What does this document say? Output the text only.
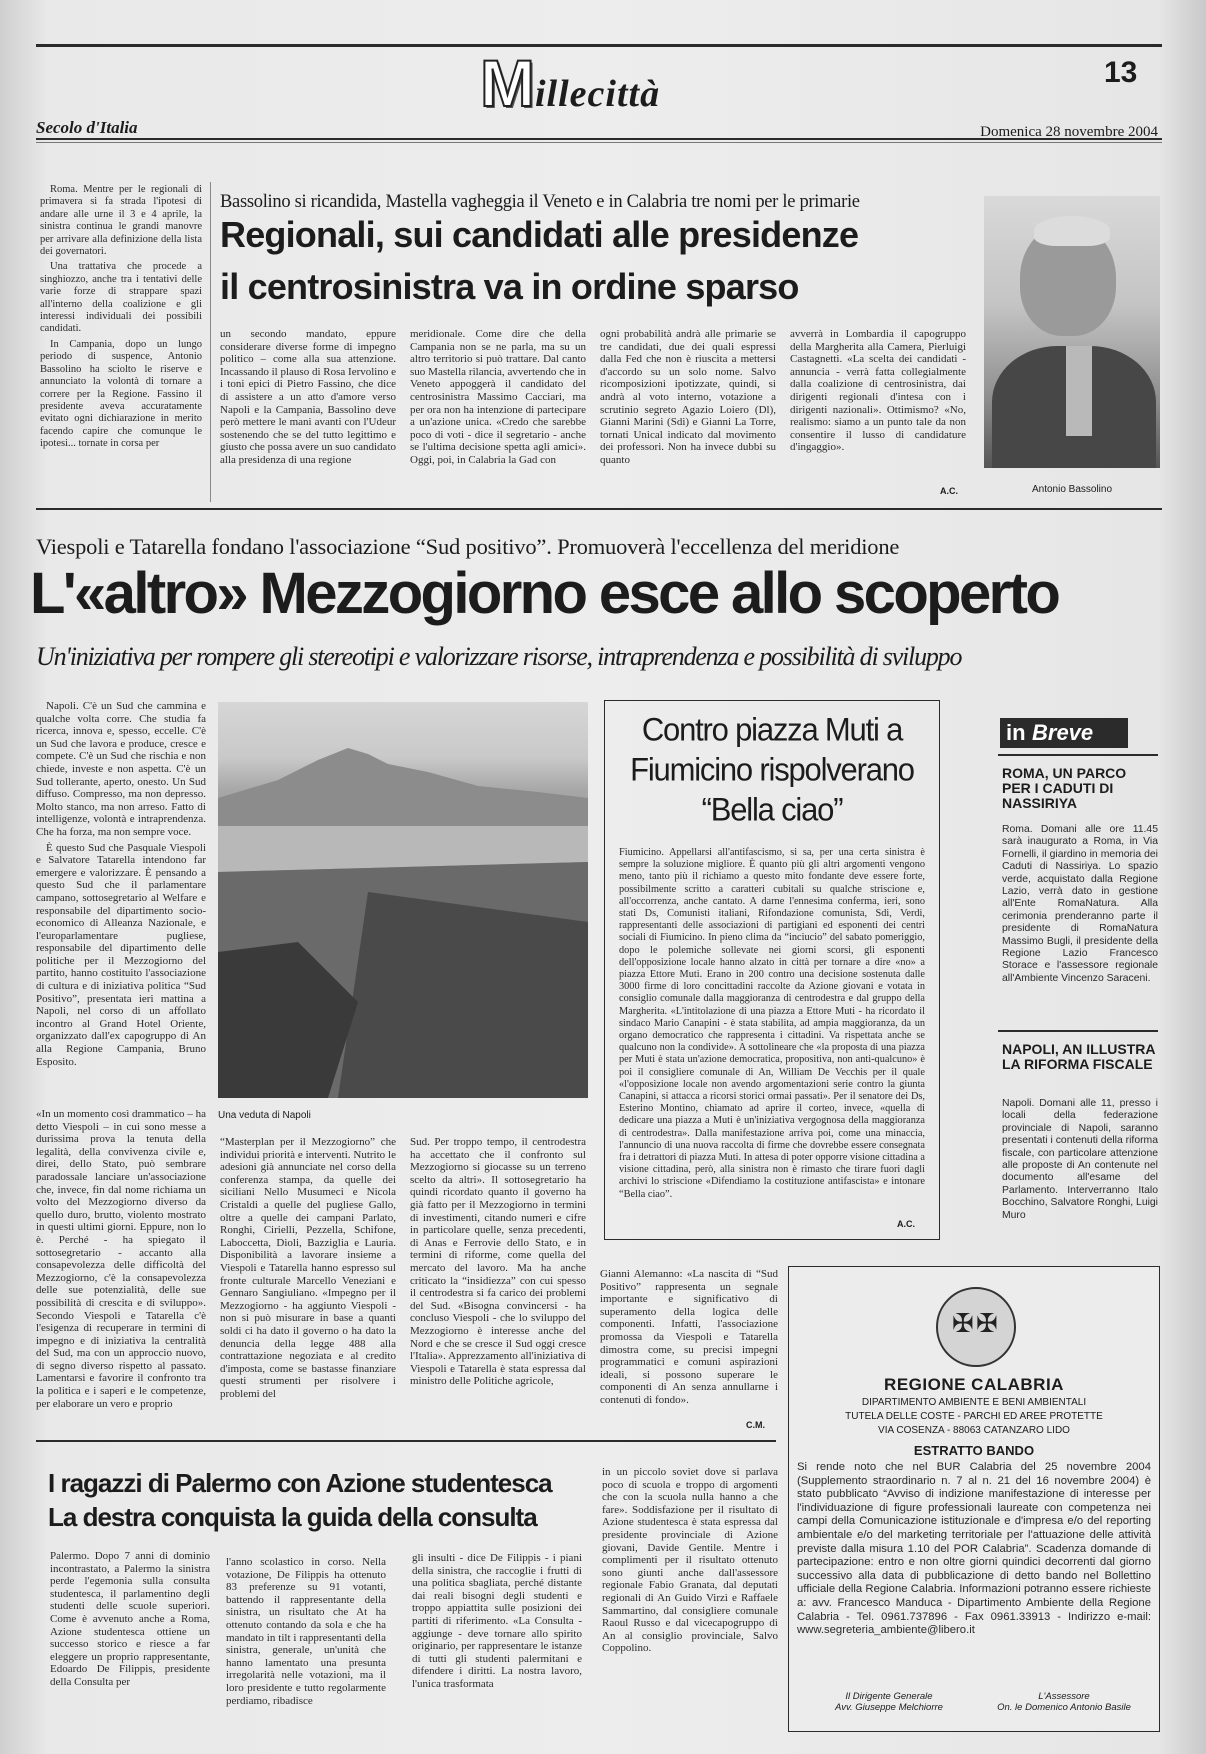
Millecittà
13
Secolo d'Italia	Domenica 28 novembre 2004

Roma. Mentre per le regionali di primavera si fa strada l'ipotesi di andare alle urne il 3 e 4 aprile, la sinistra continua le grandi manovre per arrivare alla definizione della lista dei governatori.

Una trattativa che procede a singhiozzo, anche tra i tentativi delle varie forze di strappare spazi all'interno della coalizione e gli interessi individuali dei possibili candidati.

In Campania, dopo un lungo periodo di suspence, Antonio Bassolino ha sciolto le riserve e annunciato la volontà di tornare a correre per la Regione. Fassino il presidente aveva accuratamente evitato ogni dichiarazione in merito facendo capire che comunque le ipotesi... tornate in corsa per

Bassolino si ricandida, Mastella vagheggia il Veneto e in Calabria tre nomi per le primarie
Regionali, sui candidati alle presidenze
il centrosinistra va in ordine sparso
un secondo mandato, eppure considerare diverse forme di impegno politico – come alla sua attenzione. Incassando il plauso di Rosa Iervolino e i toni epici di Pietro Fassino, che dice di assistere a un atto d'amore verso Napoli e la Campania, Bassolino deve però mettere le mani avanti con l'Udeur sostenendo che se del tutto legittimo e giusto che possa avere un suo candidato alla presidenza di una regione
meridionale. Come dire che della Campania non se ne parla, ma su un altro territorio si può trattare. Dal canto suo Mastella rilancia, avvertendo che in Veneto appoggerà il candidato del centrosinistra Massimo Cacciari, ma per ora non ha intenzione di partecipare a un'azione unica. «Credo che sarebbe poco di voti - dice il segretario - anche se l'ultima decisione spetta agli amici». Oggi, poi, in Calabria la Gad con
ogni probabilità andrà alle primarie se tre candidati, due dei quali espressi dalla Fed che non è riuscita a mettersi d'accordo su un solo nome. Salvo ricomposizioni ipotizzate, quindi, si andrà al voto interno, votazione a scrutinio segreto Agazio Loiero (Dl), Gianni Marini (Sdi) e Gianni La Torre, tornati Unical indicato dal movimento dei professori. Non ha invece dubbi su quanto
avverrà in Lombardia il capogruppo della Margherita alla Camera, Pierluigi Castagnetti. «La scelta dei candidati - annuncia - verrà fatta collegialmente dalla coalizione di centrosinistra, dai dirigenti regionali d'intesa con i dirigenti nazionali». Ottimismo? «No, realismo: siamo a un punto tale da non consentire il lusso di candidature d'ingaggio».
A.C.	Antonio Bassolino
Viespoli e Tatarella fondano l'associazione “Sud positivo”. Promuoverà l'eccellenza del meridione
L'«altro» Mezzogiorno esce allo scoperto
Un'iniziativa per rompere gli stereotipi e valorizzare risorse, intraprendenza e possibilità di sviluppo

Napoli. C'è un Sud che cammina e qualche volta corre. Che studia fa ricerca, innova e, spesso, eccelle. C'è un Sud che lavora e produce, cresce e compete. C'è un Sud che rischia e non chiede, investe e non aspetta. C'è un Sud tollerante, aperto, onesto. Un Sud diffuso. Compresso, ma non depresso. Molto stanco, ma non arreso. Fatto di intelligenze, volontà e intraprendenza. Che ha forza, ma non sempre voce.

È questo Sud che Pasquale Viespoli e Salvatore Tatarella intendono far emergere e valorizzare. È pensando a questo Sud che il parlamentare campano, sottosegretario al Welfare e responsabile del dipartimento socio-economico di Alleanza Nazionale, e l'europarlamentare pugliese, responsabile del dipartimento delle politiche per il Mezzogiorno del partito, hanno costituito l'associazione di cultura e di iniziativa politica “Sud Positivo”, presentata ieri mattina a Napoli, nel corso di un affollato incontro al Grand Hotel Oriente, organizzato dall'ex capogruppo di An alla Regione Campania, Bruno Esposito.

Una veduta di Napoli
«In un momento così drammatico – ha detto Viespoli – in cui sono messe a durissima prova la tenuta della legalità, della convivenza civile e, direi, dello Stato, può sembrare paradossale lanciare un'associazione che, invece, fin dal nome richiama un volto del Mezzogiorno diverso da quello duro, brutto, violento mostrato in questi ultimi giorni. Eppure, non lo è. Perché - ha spiegato il sottosegretario - accanto alla consapevolezza delle difficoltà del Mezzogiorno, c'è la consapevolezza delle sue potenzialità, delle sue possibilità di crescita e di sviluppo». Secondo Viespoli e Tatarella c'è l'esigenza di recuperare in termini di impegno e di iniziativa la centralità del Sud, ma con un approccio nuovo, di segno diverso rispetto al passato. Lamentarsi e favorire il confronto tra la politica e i saperi e le competenze, per elaborare un vero e proprio
“Masterplan per il Mezzogiorno” che individui priorità e interventi. Nutrito le adesioni già annunciate nel corso della conferenza stampa, da quelle dei siciliani Nello Musumeci e Nicola Cristaldi a quelle del pugliese Gallo, oltre a quelle dei campani Parlato, Ronghi, Cirielli, Pezzella, Schifone, Laboccetta, Dioli, Bazziglia e Lauria. Disponibilità a lavorare insieme a Viespoli e Tatarella hanno espresso sul fronte culturale Marcello Veneziani e Gennaro Sangiuliano. «Impegno per il Mezzogiorno - ha aggiunto Viespoli - non si può misurare in base a quanti soldi ci ha dato il governo o ha dato la denuncia della legge 488 alla contrattazione negoziata e al credito d'imposta, come se bastasse finanziare questi strumenti per risolvere i problemi del
Sud. Per troppo tempo, il centrodestra ha accettato che il confronto sul Mezzogiorno si giocasse su un terreno scelto da altri». Il sottosegretario ha quindi ricordato quanto il governo ha già fatto per il Mezzogiorno in termini di investimenti, citando numeri e cifre in particolare quelle, senza precedenti, di Anas e Ferrovie dello Stato, e in termini di riforme, come quella del mercato del lavoro. Ma ha anche criticato la “insidiezza” con cui spesso il centrodestra si fa carico dei problemi del Sud. «Bisogna convincersi - ha concluso Viespoli - che lo sviluppo del Mezzogiorno è interesse anche del Nord e che se cresce il Sud oggi cresce l'Italia». Apprezzamento all'iniziativa di Viespoli e Tatarella è stata espressa dal ministro delle Politiche agricole,
Gianni Alemanno: «La nascita di “Sud Positivo” rappresenta un segnale importante e significativo di superamento della logica delle componenti. Infatti, l'associazione promossa da Viespoli e Tatarella dimostra come, su precisi impegni programmatici e comuni aspirazioni ideali, si possono superare le componenti di An senza annullarne i contenuti di fondo».
C.M.
Contro piazza Muti a Fiumicino rispolverano “Bella ciao”
Fiumicino. Appellarsi all'antifascismo, si sa, per una certa sinistra è sempre la soluzione migliore. È quanto più gli altri argomenti vengono meno, tanto più il richiamo a questo mito fondante deve essere forte, possibilmente scritto a caratteri cubitali su qualche striscione e, all'occorrenza, anche cantato. A darne l'ennesima conferma, ieri, sono stati Ds, Comunisti italiani, Rifondazione comunista, Sdi, Verdi, rappresentanti delle associazioni di partigiani ed esponenti dei centri sociali di Fiumicino. In pieno clima da “inciucio” del sabato pomeriggio, dopo le polemiche sollevate nei giorni scorsi, gli esponenti dell'opposizione locale hanno alzato in città per tornare a dire «no» a piazza Ettore Muti. Erano in 200 contro una decisione sostenuta dalle 3000 firme di loro concittadini raccolte da Azione giovani e votata in consiglio comunale dalla maggioranza di centrodestra e dal gruppo della Margherita. «L'intitolazione di una piazza a Ettore Muti - ha ricordato il sindaco Mario Canapini - è stata stabilita, ad ampia maggioranza, da un organo democratico che rappresenta i cittadini. Va rispettata anche se qualcuno non la condivide». A sottolineare che «la proposta di una piazza per Muti è stata un'azione democratica, propositiva, non anti-qualcuno» è poi il consigliere comunale di An, William De Vecchis per il quale «l'opposizione locale non avendo argomentazioni serie contro la giunta Canapini, si attacca a ricorsi storici ormai passati». Per il senatore dei Ds, Esterino Montino, chiamato ad aprire il corteo, invece, «quella di dedicare una piazza a Muti è un'iniziativa vergognosa della maggioranza di centrodestra». Dalla manifestazione arriva poi, come una minaccia, l'annuncio di una nuova raccolta di firme che dovrebbe essere consegnata fra i detrattori di piazza Muti. In attesa di poter opporre visione cittadina a visione cittadina, però, alla sinistra non è rimasto che tirare fuori dagli archivi lo striscione «Difendiamo la costituzione antifascista» e intonare “Bella ciao”.
A.C.
in Breve
ROMA, UN PARCO PER I CADUTI DI NASSIRIYA
Roma. Domani alle ore 11.45 sarà inaugurato a Roma, in Via Fornelli, il giardino in memoria dei Caduti di Nassiriya. Lo spazio verde, acquistato dalla Regione Lazio, verrà dato in gestione all'Ente RomaNatura. Alla cerimonia prenderanno parte il presidente di RomaNatura Massimo Bugli, il presidente della Regione Lazio Francesco Storace e l'assessore regionale all'Ambiente Vincenzo Saraceni.
NAPOLI, AN ILLUSTRA LA RIFORMA FISCALE
Napoli. Domani alle 11, presso i locali della federazione provinciale di Napoli, saranno presentati i contenuti della riforma fiscale, con particolare attenzione alle proposte di An contenute nel documento all'esame del Parlamento. Interverranno Italo Bocchino, Salvatore Ronghi, Luigi Muro
I ragazzi di Palermo con Azione studentesca
La destra conquista la guida della consulta
Palermo. Dopo 7 anni di dominio incontrastato, a Palermo la sinistra perde l'egemonia sulla consulta studentesca, il parlamentino degli studenti delle scuole superiori. Come è avvenuto anche a Roma, Azione studentesca ottiene un successo storico e riesce a far eleggere un proprio rappresentante, Edoardo De Filippis, presidente della Consulta per
l'anno scolastico in corso. Nella votazione, De Filippis ha ottenuto 83 preferenze su 91 votanti, battendo il rappresentante della sinistra, un risultato che At ha ottenuto contando da sola e che ha mandato in tilt i rappresentanti della sinistra, generale, un'unità che hanno lamentato una presunta irregolarità nelle votazioni, ma il loro presidente e tutto regolarmente perdiamo, ribadisce
gli insulti - dice De Filippis - i piani della sinistra, che raccoglie i frutti di una politica sbagliata, perché distante dai reali bisogni degli studenti e troppo appiattita sulle posizioni dei partiti di riferimento. «La Consulta - aggiunge - deve tornare allo spirito originario, per rappresentare le istanze di tutti gli studenti palermitani e difendere i diritti. La nostra lavoro, l'unica trasformata
in un piccolo soviet dove si parlava poco di scuola e troppo di argomenti che con la scuola nulla hanno a che fare». Soddisfazione per il risultato di Azione studentesca è stata espressa dal presidente provinciale di Azione giovani, Davide Gentile. Mentre i complimenti per il risultato ottenuto sono giunti anche dall'assessore regionale Fabio Granata, dal deputati regionali di An Guido Virzì e Raffaele Sammartino, dal consigliere comunale Raoul Russo e dal vicecapogruppo di An al consiglio provinciale, Salvo Coppolino.
✠ ✠
REGIONE CALABRIA
DIPARTIMENTO AMBIENTE E BENI AMBIENTALI
TUTELA DELLE COSTE - PARCHI ED AREE PROTETTE
VIA COSENZA - 88063 CATANZARO LIDO
ESTRATTO BANDO
Si rende noto che nel BUR Calabria del 25 novembre 2004 (Supplemento straordinario n. 7 al n. 21 del 16 novembre 2004) è stato pubblicato “Avviso di indizione manifestazione di interesse per l'individuazione di figure professionali laureate con competenza nei campi della Comunicazione istituzionale e d'impresa e/o del reporting ambientale e/o del marketing territoriale per l'attuazione delle attività previste dalla misura 1.10 del POR Calabria”. Scadenza domande di partecipazione: entro e non oltre giorni quindici decorrenti dal giorno successivo alla data di pubblicazione di detto bando nel Bollettino ufficiale della Regione Calabria. Informazioni potranno essere richieste a: avv. Francesco Manduca - Dipartimento Ambiente della Regione Calabria - Tel. 0961.737896 - Fax 0961.33913 - Indirizzo e-mail: www.segreteria_ambiente@libero.it
Il Dirigente Generale
Avv. Giuseppe Melchiorre
L'Assessore
On. le Domenico Antonio Basile
